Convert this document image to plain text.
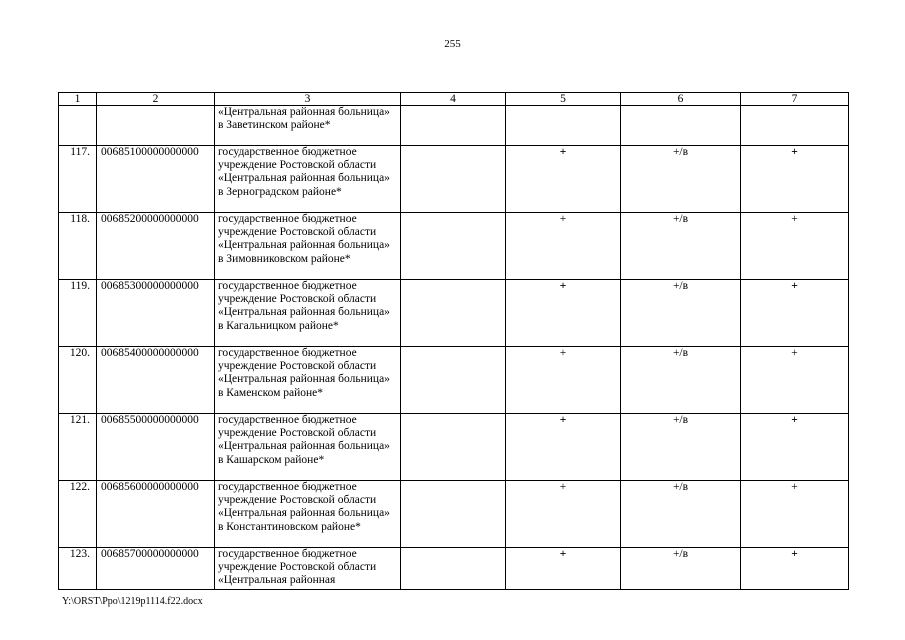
255
1	2	3	4	5	6	7
		«Центральная районная больница» в Заветинском районе*				
117.	00685100000000000	государственное бюджетное учреждение Ростовской области «Центральная районная больница» в Зерноградском районе*		+	+/в	+
118.	00685200000000000	государственное бюджетное учреждение Ростовской области «Центральная районная больница» в Зимовниковском районе*		+	+/в	+
119.	00685300000000000	государственное бюджетное учреждение Ростовской области «Центральная районная больница» в Кагальницком районе*		+	+/в	+
120.	00685400000000000	государственное бюджетное учреждение Ростовской области «Центральная районная больница» в Каменском районе*		+	+/в	+
121.	00685500000000000	государственное бюджетное учреждение Ростовской области «Центральная районная больница» в Кашарском районе*		+	+/в	+
122.	00685600000000000	государственное бюджетное учреждение Ростовской области «Центральная районная больница» в Константиновском районе*		+	+/в	+
123.	00685700000000000	государственное бюджетное учреждение Ростовской области «Центральная районная		+	+/в	+
Y:\ORST\Ppo\1219p1114.f22.docx
